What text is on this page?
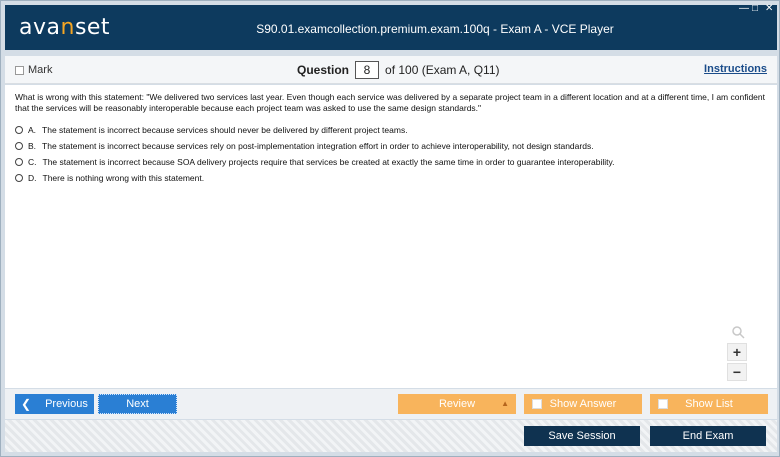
avanset	S90.01.examcollection.premium.exam.100q - Exam A - VCE Player
— □ ✕
Mark	Question	8	of 100 (Exam A, Q11)	Instructions
What is wrong with this statement: "We delivered two services last year. Even though each service was delivered by a separate project team in a different location and at a different time, I am confident that the services will be reasonably interoperable because each project team was asked to use the same design standards."
A. The statement is incorrect because services should never be delivered by different project teams.
B. The statement is incorrect because services rely on post-implementation integration effort in order to achieve interoperability, not design standards.
C. The statement is incorrect because SOA delivery projects require that services be created at exactly the same time in order to guarantee interoperability.
D. There is nothing wrong with this statement.
+
−
❮ Previous	Next	Review	▲	Show Answer	Show List
Save Session	End Exam
